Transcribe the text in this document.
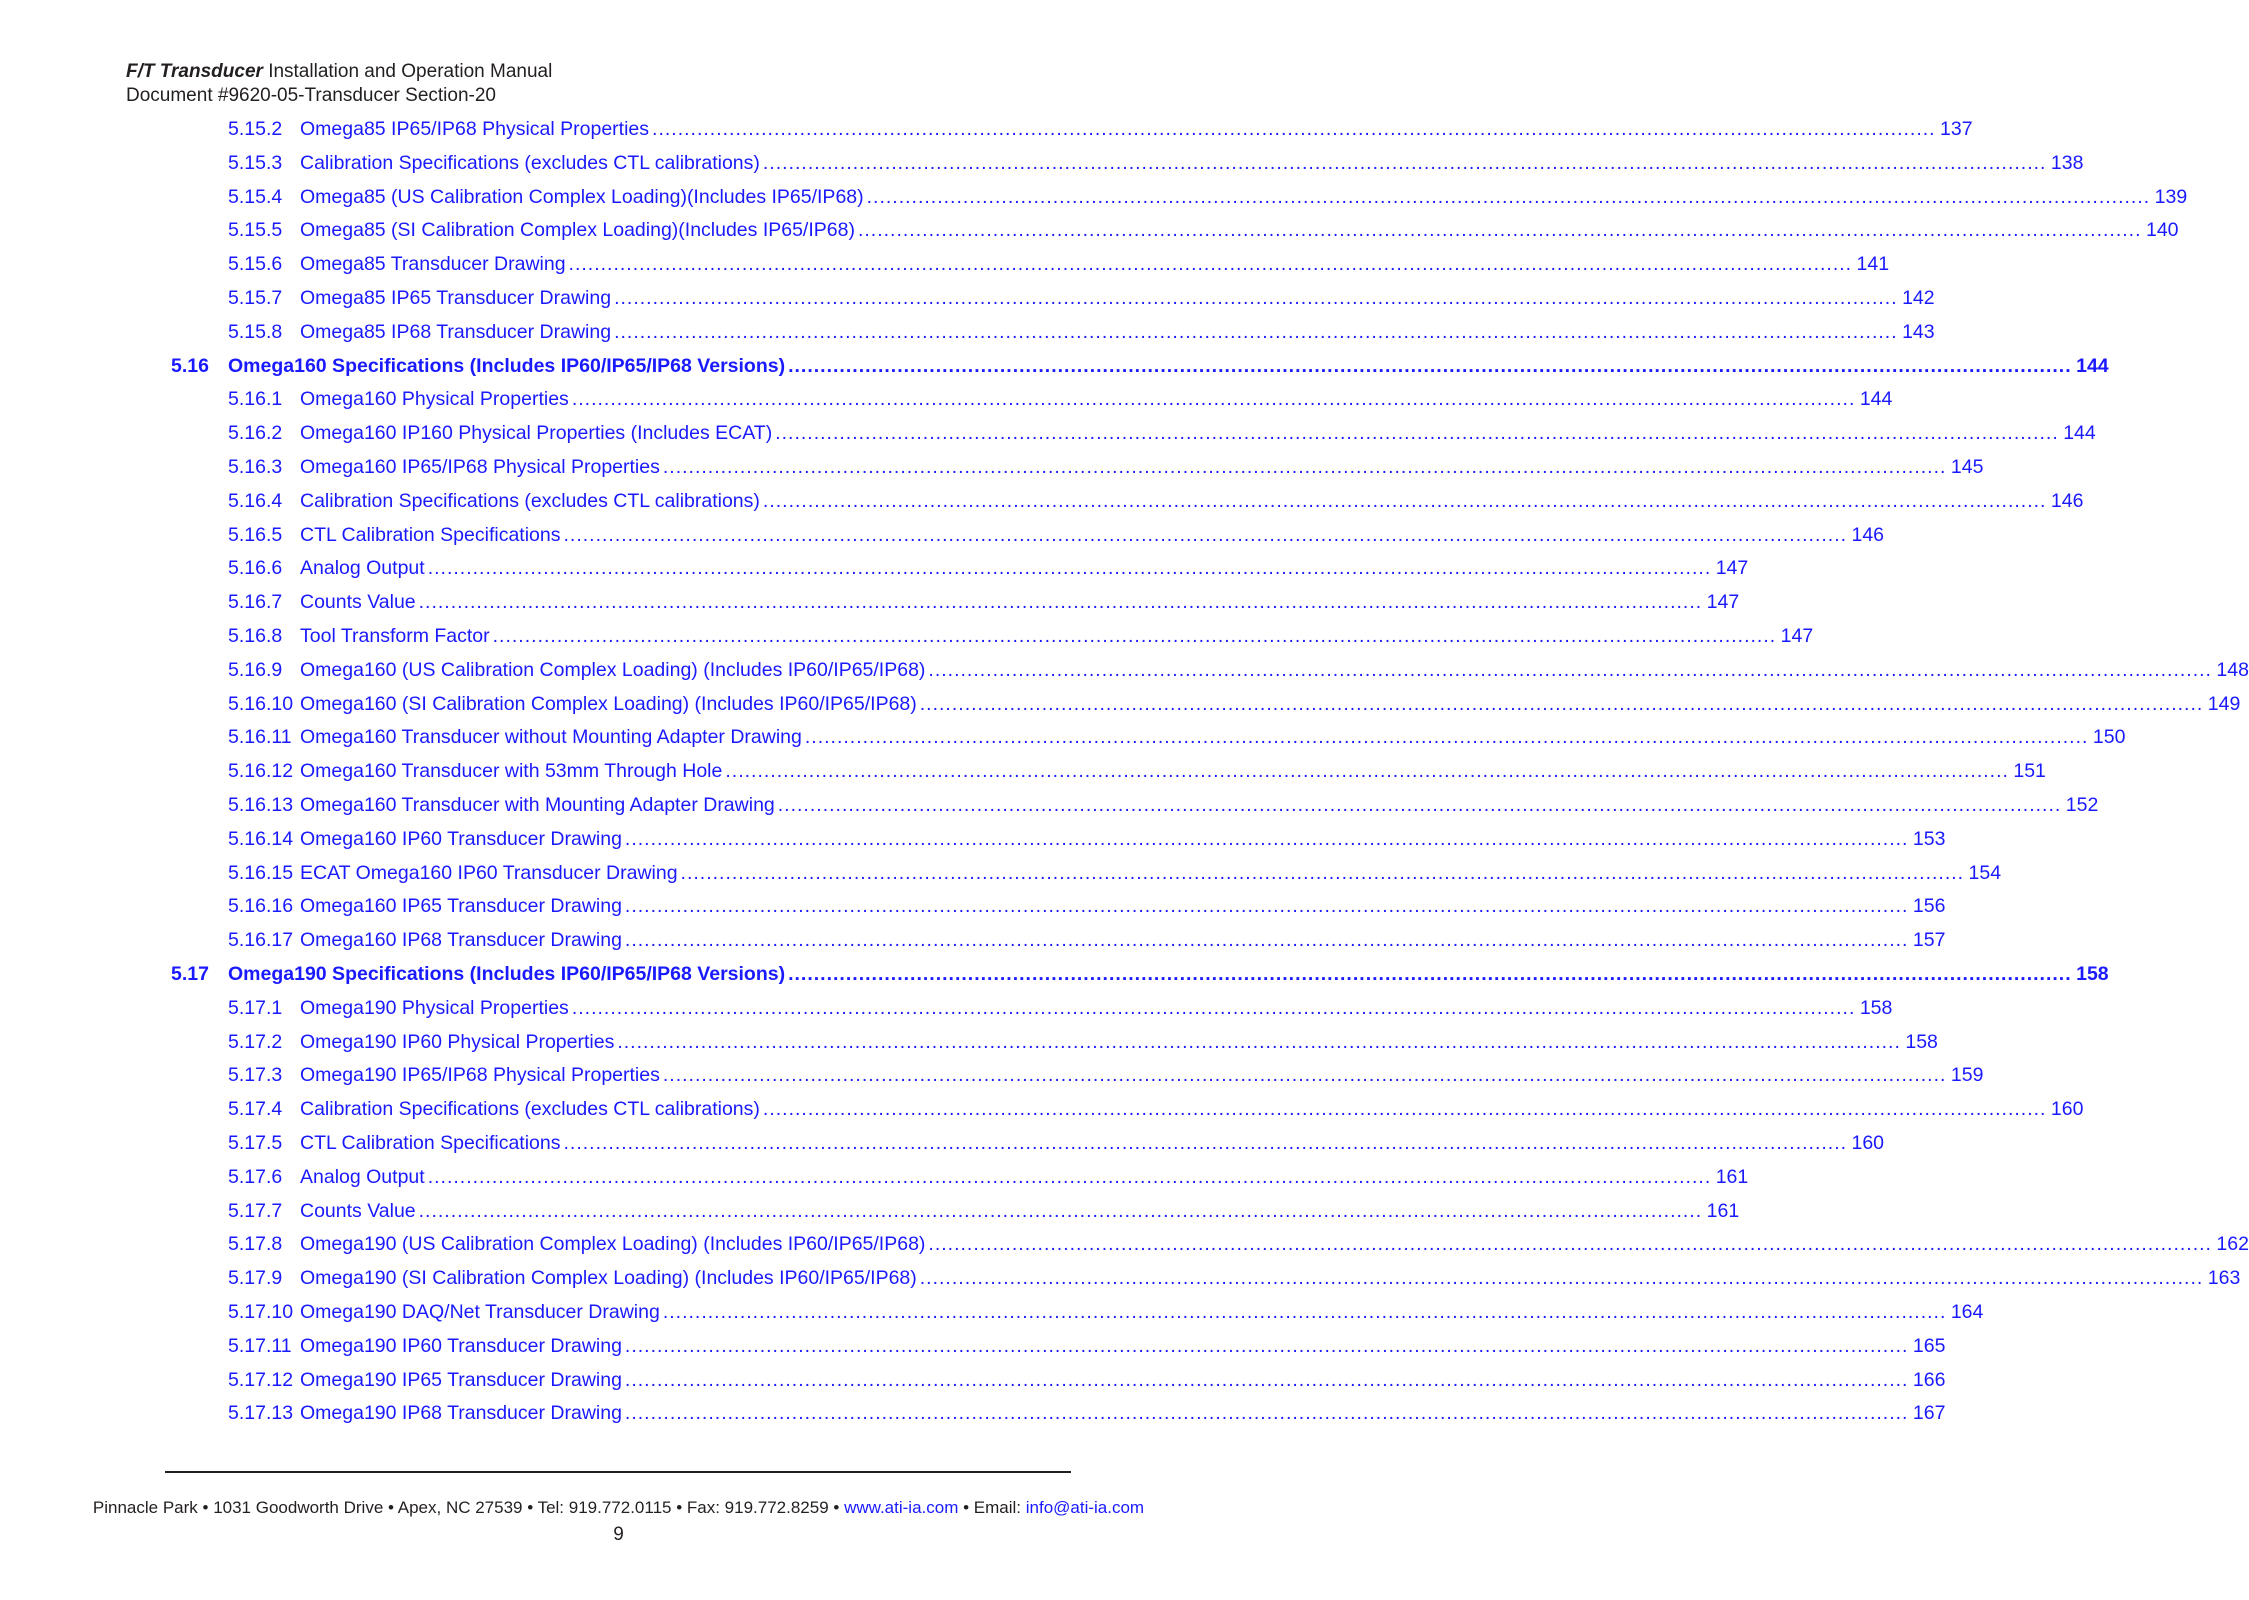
F/T Transducer Installation and Operation Manual
Document #9620-05-Transducer Section-20
5.15.2 Omega85 IP65/IP68 Physical Properties ........................................................................................................................................................................................................ 137
5.15.3 Calibration Specifications (excludes CTL calibrations) ........................................................................................................................................................................................................ 138
5.15.4 Omega85 (US Calibration Complex Loading)(Includes IP65/IP68) ........................................................................................................................................................................................................ 139
5.15.5 Omega85 (SI Calibration Complex Loading)(Includes IP65/IP68) ........................................................................................................................................................................................................ 140
5.15.6 Omega85 Transducer Drawing ........................................................................................................................................................................................................ 141
5.15.7 Omega85 IP65 Transducer Drawing ........................................................................................................................................................................................................ 142
5.15.8 Omega85 IP68 Transducer Drawing ........................................................................................................................................................................................................ 143
5.16 Omega160 Specifications (Includes IP60/IP65/IP68 Versions) ........................................................................................................................................................................................................ 144
5.16.1 Omega160 Physical Properties ........................................................................................................................................................................................................ 144
5.16.2 Omega160 IP160 Physical Properties (Includes ECAT) ........................................................................................................................................................................................................ 144
5.16.3 Omega160 IP65/IP68 Physical Properties ........................................................................................................................................................................................................ 145
5.16.4 Calibration Specifications (excludes CTL calibrations) ........................................................................................................................................................................................................ 146
5.16.5 CTL Calibration Specifications ........................................................................................................................................................................................................ 146
5.16.6 Analog Output ........................................................................................................................................................................................................ 147
5.16.7 Counts Value ........................................................................................................................................................................................................ 147
5.16.8 Tool Transform Factor ........................................................................................................................................................................................................ 147
5.16.9 Omega160 (US Calibration Complex Loading) (Includes IP60/IP65/IP68) ........................................................................................................................................................................................................ 148
5.16.10 Omega160 (SI Calibration Complex Loading) (Includes IP60/IP65/IP68) ........................................................................................................................................................................................................ 149
5.16.11 Omega160 Transducer without Mounting Adapter Drawing ........................................................................................................................................................................................................ 150
5.16.12 Omega160 Transducer with 53mm Through Hole ........................................................................................................................................................................................................ 151
5.16.13 Omega160 Transducer with Mounting Adapter Drawing ........................................................................................................................................................................................................ 152
5.16.14 Omega160 IP60 Transducer Drawing ........................................................................................................................................................................................................ 153
5.16.15 ECAT Omega160 IP60 Transducer Drawing ........................................................................................................................................................................................................ 154
5.16.16 Omega160 IP65 Transducer Drawing ........................................................................................................................................................................................................ 156
5.16.17 Omega160 IP68 Transducer Drawing ........................................................................................................................................................................................................ 157
5.17 Omega190 Specifications (Includes IP60/IP65/IP68 Versions) ........................................................................................................................................................................................................ 158
5.17.1 Omega190 Physical Properties ........................................................................................................................................................................................................ 158
5.17.2 Omega190 IP60 Physical Properties ........................................................................................................................................................................................................ 158
5.17.3 Omega190 IP65/IP68 Physical Properties ........................................................................................................................................................................................................ 159
5.17.4 Calibration Specifications (excludes CTL calibrations) ........................................................................................................................................................................................................ 160
5.17.5 CTL Calibration Specifications ........................................................................................................................................................................................................ 160
5.17.6 Analog Output ........................................................................................................................................................................................................ 161
5.17.7 Counts Value ........................................................................................................................................................................................................ 161
5.17.8 Omega190 (US Calibration Complex Loading) (Includes IP60/IP65/IP68) ........................................................................................................................................................................................................ 162
5.17.9 Omega190 (SI Calibration Complex Loading) (Includes IP60/IP65/IP68) ........................................................................................................................................................................................................ 163
5.17.10 Omega190 DAQ/Net Transducer Drawing ........................................................................................................................................................................................................ 164
5.17.11 Omega190 IP60 Transducer Drawing ........................................................................................................................................................................................................ 165
5.17.12 Omega190 IP65 Transducer Drawing ........................................................................................................................................................................................................ 166
5.17.13 Omega190 IP68 Transducer Drawing ........................................................................................................................................................................................................ 167
Pinnacle Park • 1031 Goodworth Drive • Apex, NC 27539 • Tel: 919.772.0115 • Fax: 919.772.8259 • www.ati-ia.com • Email: info@ati-ia.com
9
